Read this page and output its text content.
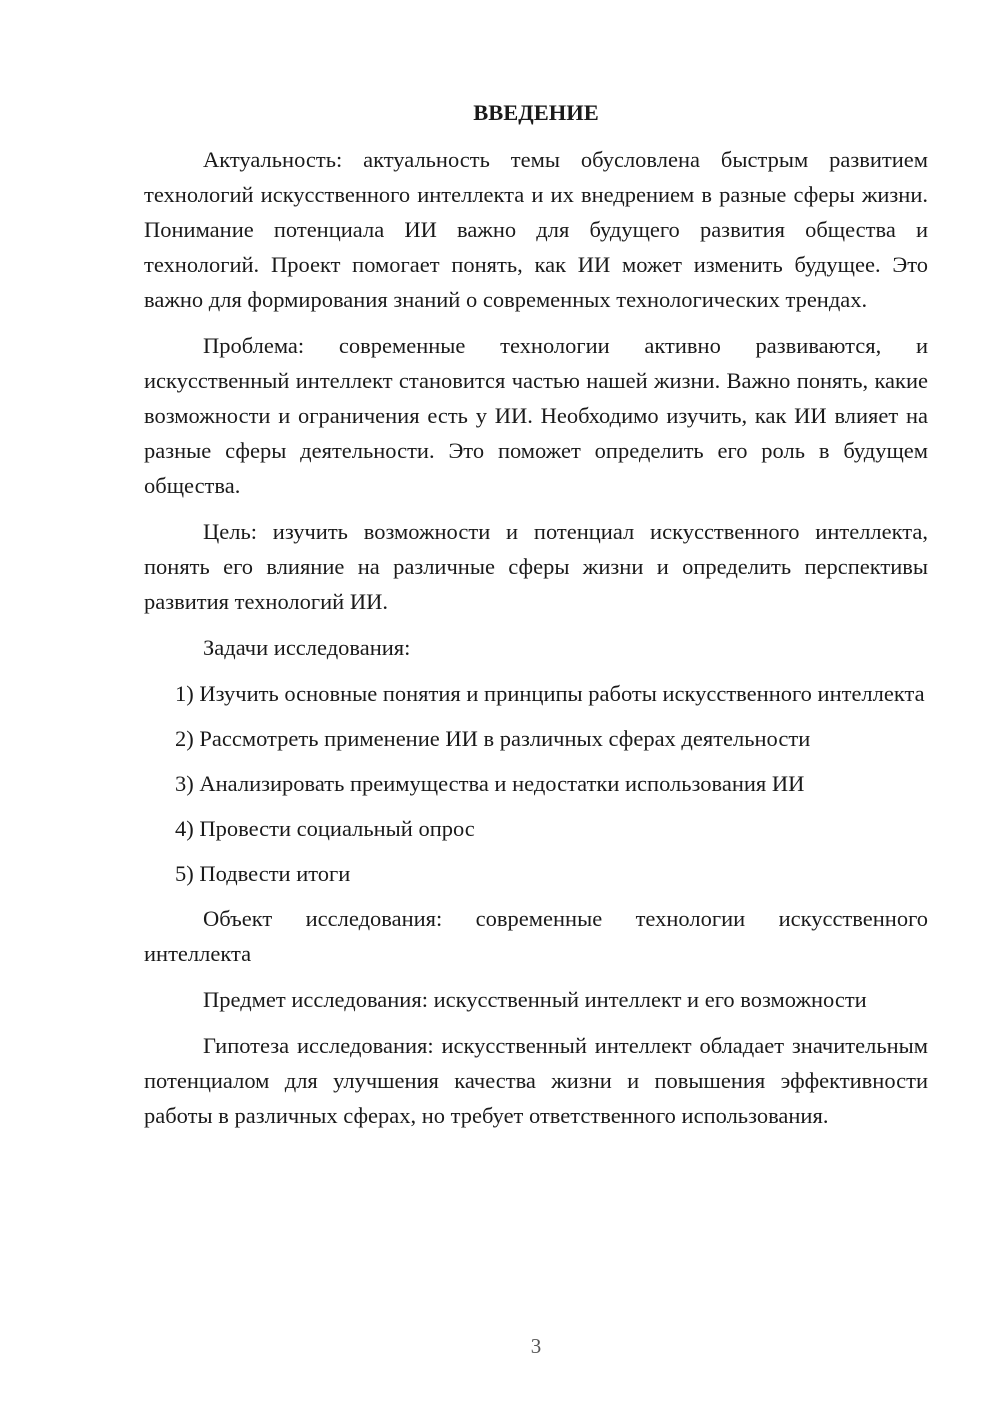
ВВЕДЕНИЕ
Актуальность: актуальность темы обусловлена быстрым развитием технологий искусственного интеллекта и их внедрением в разные сферы жизни. Понимание потенциала ИИ важно для будущего развития общества и технологий. Проект помогает понять, как ИИ может изменить будущее. Это важно для формирования знаний о современных технологических трендах.
Проблема: современные технологии активно развиваются, и искусственный интеллект становится частью нашей жизни. Важно понять, какие возможности и ограничения есть у ИИ. Необходимо изучить, как ИИ влияет на разные сферы деятельности. Это поможет определить его роль в будущем общества.
Цель: изучить возможности и потенциал искусственного интеллекта, понять его влияние на различные сферы жизни и определить перспективы развития технологий ИИ.
Задачи исследования:
1) Изучить основные понятия и принципы работы искусственного интеллекта
2) Рассмотреть применение ИИ в различных сферах деятельности
3) Анализировать преимущества и недостатки использования ИИ
4) Провести социальный опрос
5) Подвести итоги
Объект исследования: современные технологии искусственного интеллекта
Предмет исследования: искусственный интеллект и его возможности
Гипотеза исследования: искусственный интеллект обладает значительным потенциалом для улучшения качества жизни и повышения эффективности работы в различных сферах, но требует ответственного использования.
3
